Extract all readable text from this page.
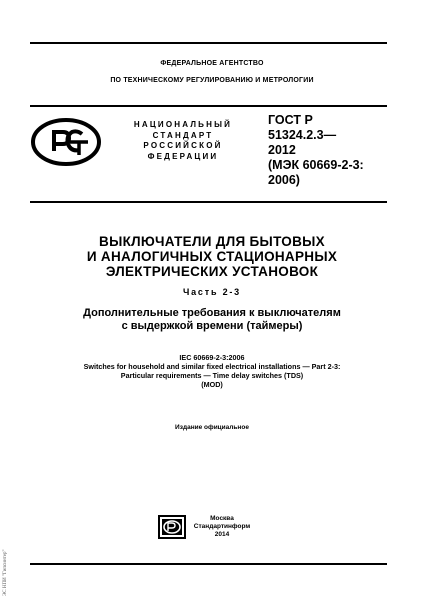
ФЕДЕРАЛЬНОЕ АГЕНТСТВО
ПО ТЕХНИЧЕСКОМУ РЕГУЛИРОВАНИЮ И МЕТРОЛОГИИ
НАЦИОНАЛЬНЫЙ
СТАНДАРТ
РОССИЙСКОЙ
ФЕДЕРАЦИИ
ГОСТ Р
51324.2.3—
2012
(МЭК 60669-2-3:
2006)
ВЫКЛЮЧАТЕЛИ ДЛЯ БЫТОВЫХ
И АНАЛОГИЧНЫХ СТАЦИОНАРНЫХ
ЭЛЕКТРИЧЕСКИХ УСТАНОВОК
Часть 2-3
Дополнительные требования к выключателям
с выдержкой времени (таймеры)
IEC 60669-2-3:2006
Switches for household and similar fixed electrical installations — Part 2-3:
Particular requirements — Time delay switches (TDS)
(MOD)
Издание официальное
Москва
Стандартинформ
2014
ЭС НПИ "Гипсинтер"
